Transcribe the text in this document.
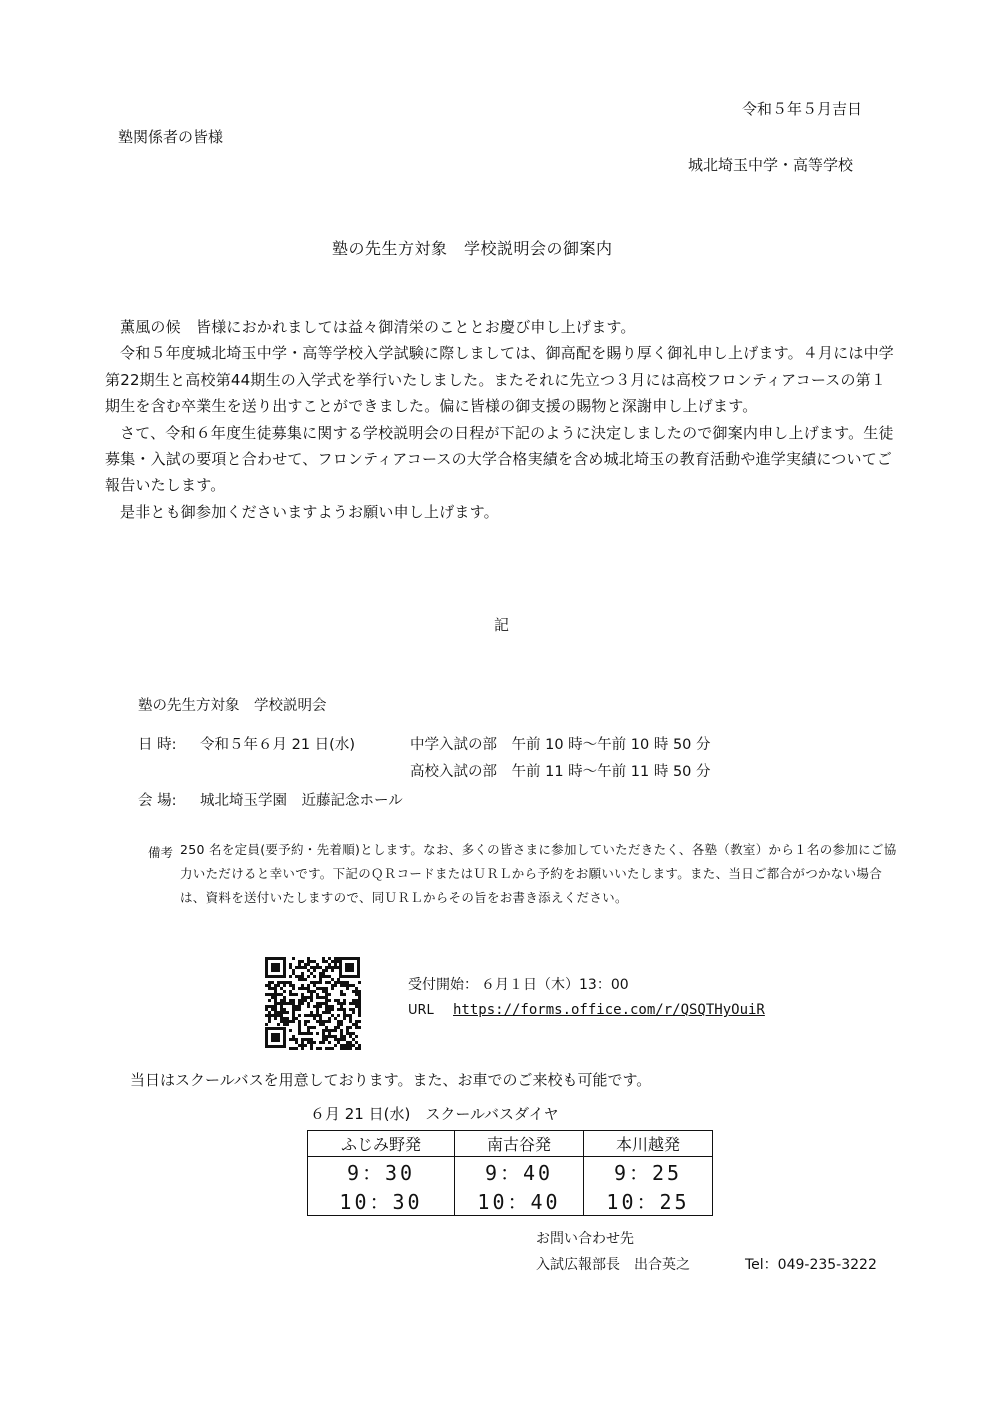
令和５年５月吉日
塾関係者の皆様
城北埼玉中学・高等学校
塾の先生方対象　学校説明会の御案内

薫風の候　皆様におかれましては益々御清栄のこととお慶び申し上げます。

令和５年度城北埼玉中学・高等学校入学試験に際しましては、御高配を賜り厚く御礼申し上げます。４月には中学第22期生と高校第44期生の入学式を挙行いたしました。またそれに先立つ３月には高校フロンティアコースの第１期生を含む卒業生を送り出すことができました。偏に皆様の御支援の賜物と深謝申し上げます。

さて、令和６年度生徒募集に関する学校説明会の日程が下記のように決定しましたので御案内申し上げます。生徒募集・入試の要項と合わせて、フロンティアコースの大学合格実績を含め城北埼玉の教育活動や進学実績についてご報告いたします。

是非とも御参加くださいますようお願い申し上げます。

記
塾の先生方対象　学校説明会
日 時: 令和５年６月 21 日(水)	中学入試の部　午前 10 時～午前 10 時 50 分
高校入試の部　午前 11 時～午前 11 時 50 分
会 場: 城北埼玉学園　近藤記念ホール
備考 250 名を定員(要予約・先着順)とします。なお、多くの皆さまに参加していただきたく、各塾（教室）から１名の参加にご協力いただけると幸いです。下記のＱＲコードまたはＵＲＬから予約をお願いいたします。また、当日ご都合がつかない場合は、資料を送付いたしますので、同ＵＲＬからその旨をお書き添えください。

受付開始： ６月１日（木）13：00
URL https://forms.office.com/r/QSQTHyOuiR
当日はスクールバスを用意しております。また、お車でのご来校も可能です。
６月 21 日(水)　スクールバスダイヤ
ふじみ野発	南古谷発	本川越発
9：30	9：40	9：25
10：30	10：40	10：25
お問い合わせ先
入試広報部長　出合英之	Tel：049-235-3222
